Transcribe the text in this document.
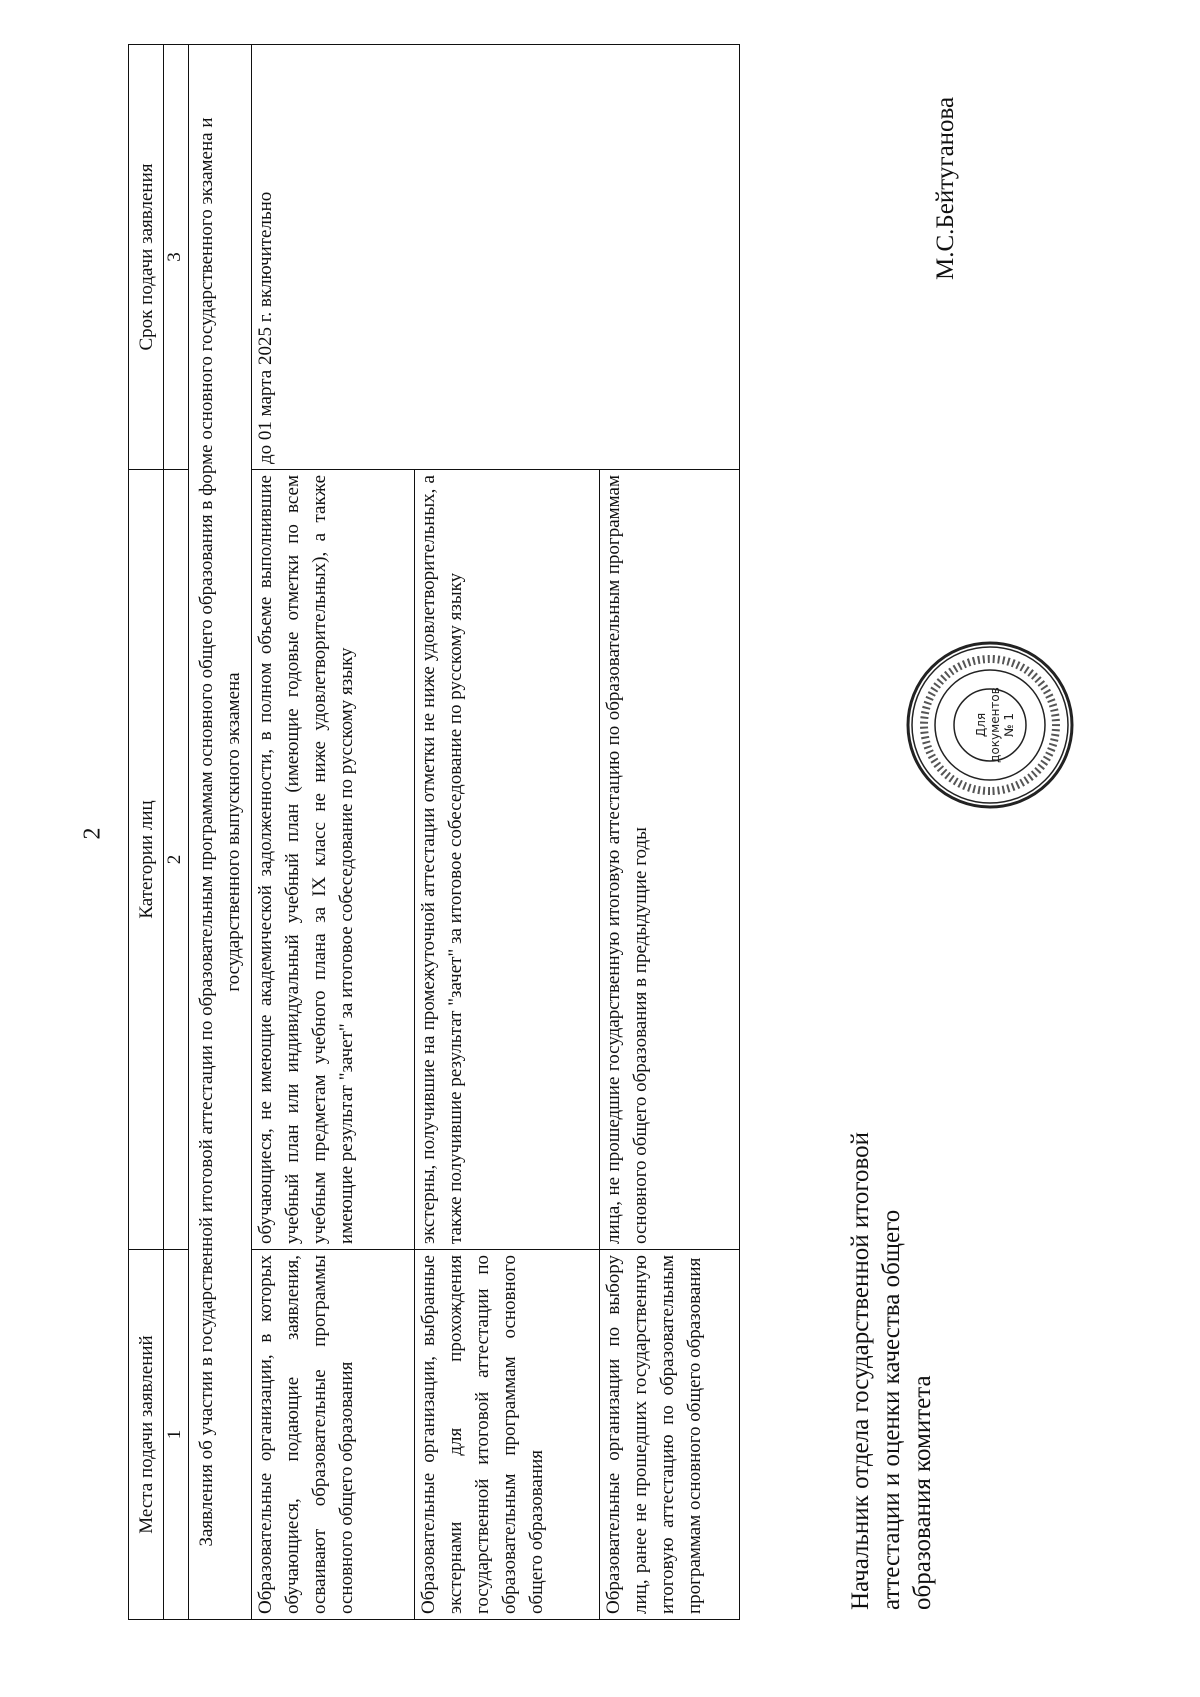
2
Места подачи заявлений	Категории лиц	Срок подачи заявления
1	2	3
Заявления об участии в государственной итоговой аттестации по образовательным программам основного общего образования в форме основного государственного экзамена и государственного выпускного экзамена		
Образовательные организации, в которых обучающиеся, подающие заявления, осваивают образовательные программы основного общего образования	обучающиеся, не имеющие академической задолженности, в полном объеме выполнившие учебный план или индивидуальный учебный план (имеющие годовые отметки по всем учебным предметам учебного плана за IX класс не ниже удовлетворительных), а также имеющие результат "зачет" за итоговое собеседование по русскому языку	до 01 марта 2025 г. включительно
Образовательные организации, выбранные экстернами для прохождения государственной итоговой аттестации по образовательным программам основного общего образования	экстерны, получившие на промежуточной аттестации отметки не ниже удовлетворительных, а также получившие результат "зачет" за итоговое собеседование по русскому языку	
Образовательные организации по выбору лиц, ранее не прошедших государственную итоговую аттестацию по образовательным программам основного общего образования	лица, не прошедшие государственную итоговую аттестацию по образовательным программам основного общего образования в предыдущие годы	
Начальник отдела государственной итоговой аттестации и оценки качества общего образования комитета
М.С.Бейтуганова
Для документов № 1
